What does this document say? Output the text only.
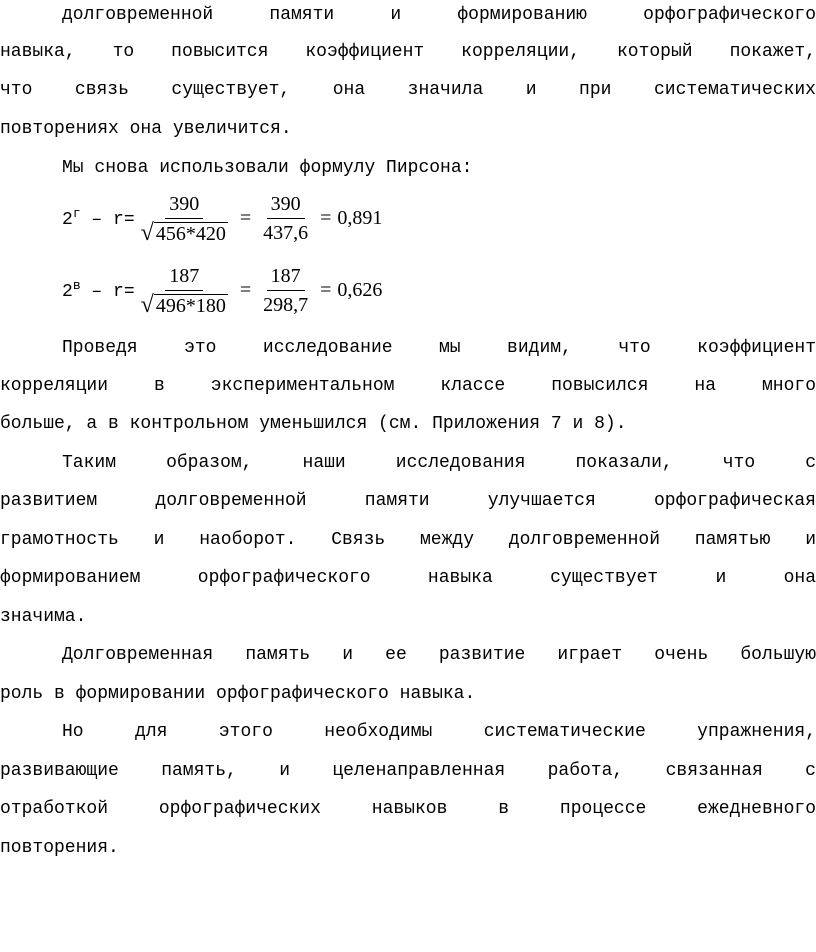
долговременной памяти и формированию орфографического
навыка, то повысится коэффициент корреляции, который покажет,
что связь существует, она значила и при систематических
повторениях она увеличится.
Мы снова использовали формулу Пирсона:
$2^г - r= \frac{390}{√ 456*420} = \frac{390}{437,6} = 0,891$
$2^в - r= \frac{187}{√ 496*180} = \frac{187}{298,7} = 0,626$
Проведя это исследование мы видим, что коэффициент
корреляции в экспериментальном классе повысился на много
больше, а в контрольном уменьшился (см. Приложения 7 и 8).
Таким образом, наши исследования показали, что с
развитием долговременной памяти улучшается орфографическая
грамотность и наоборот. Связь между долговременной памятью и
формированием орфографического навыка существует и она
значима.
Долговременная память и ее развитие играет очень большую
роль в формировании орфографического навыка.
Но для этого необходимы систематические упражнения,
развивающие память, и целенаправленная работа, связанная с
отработкой орфографических навыков в процессе ежедневного
повторения.
